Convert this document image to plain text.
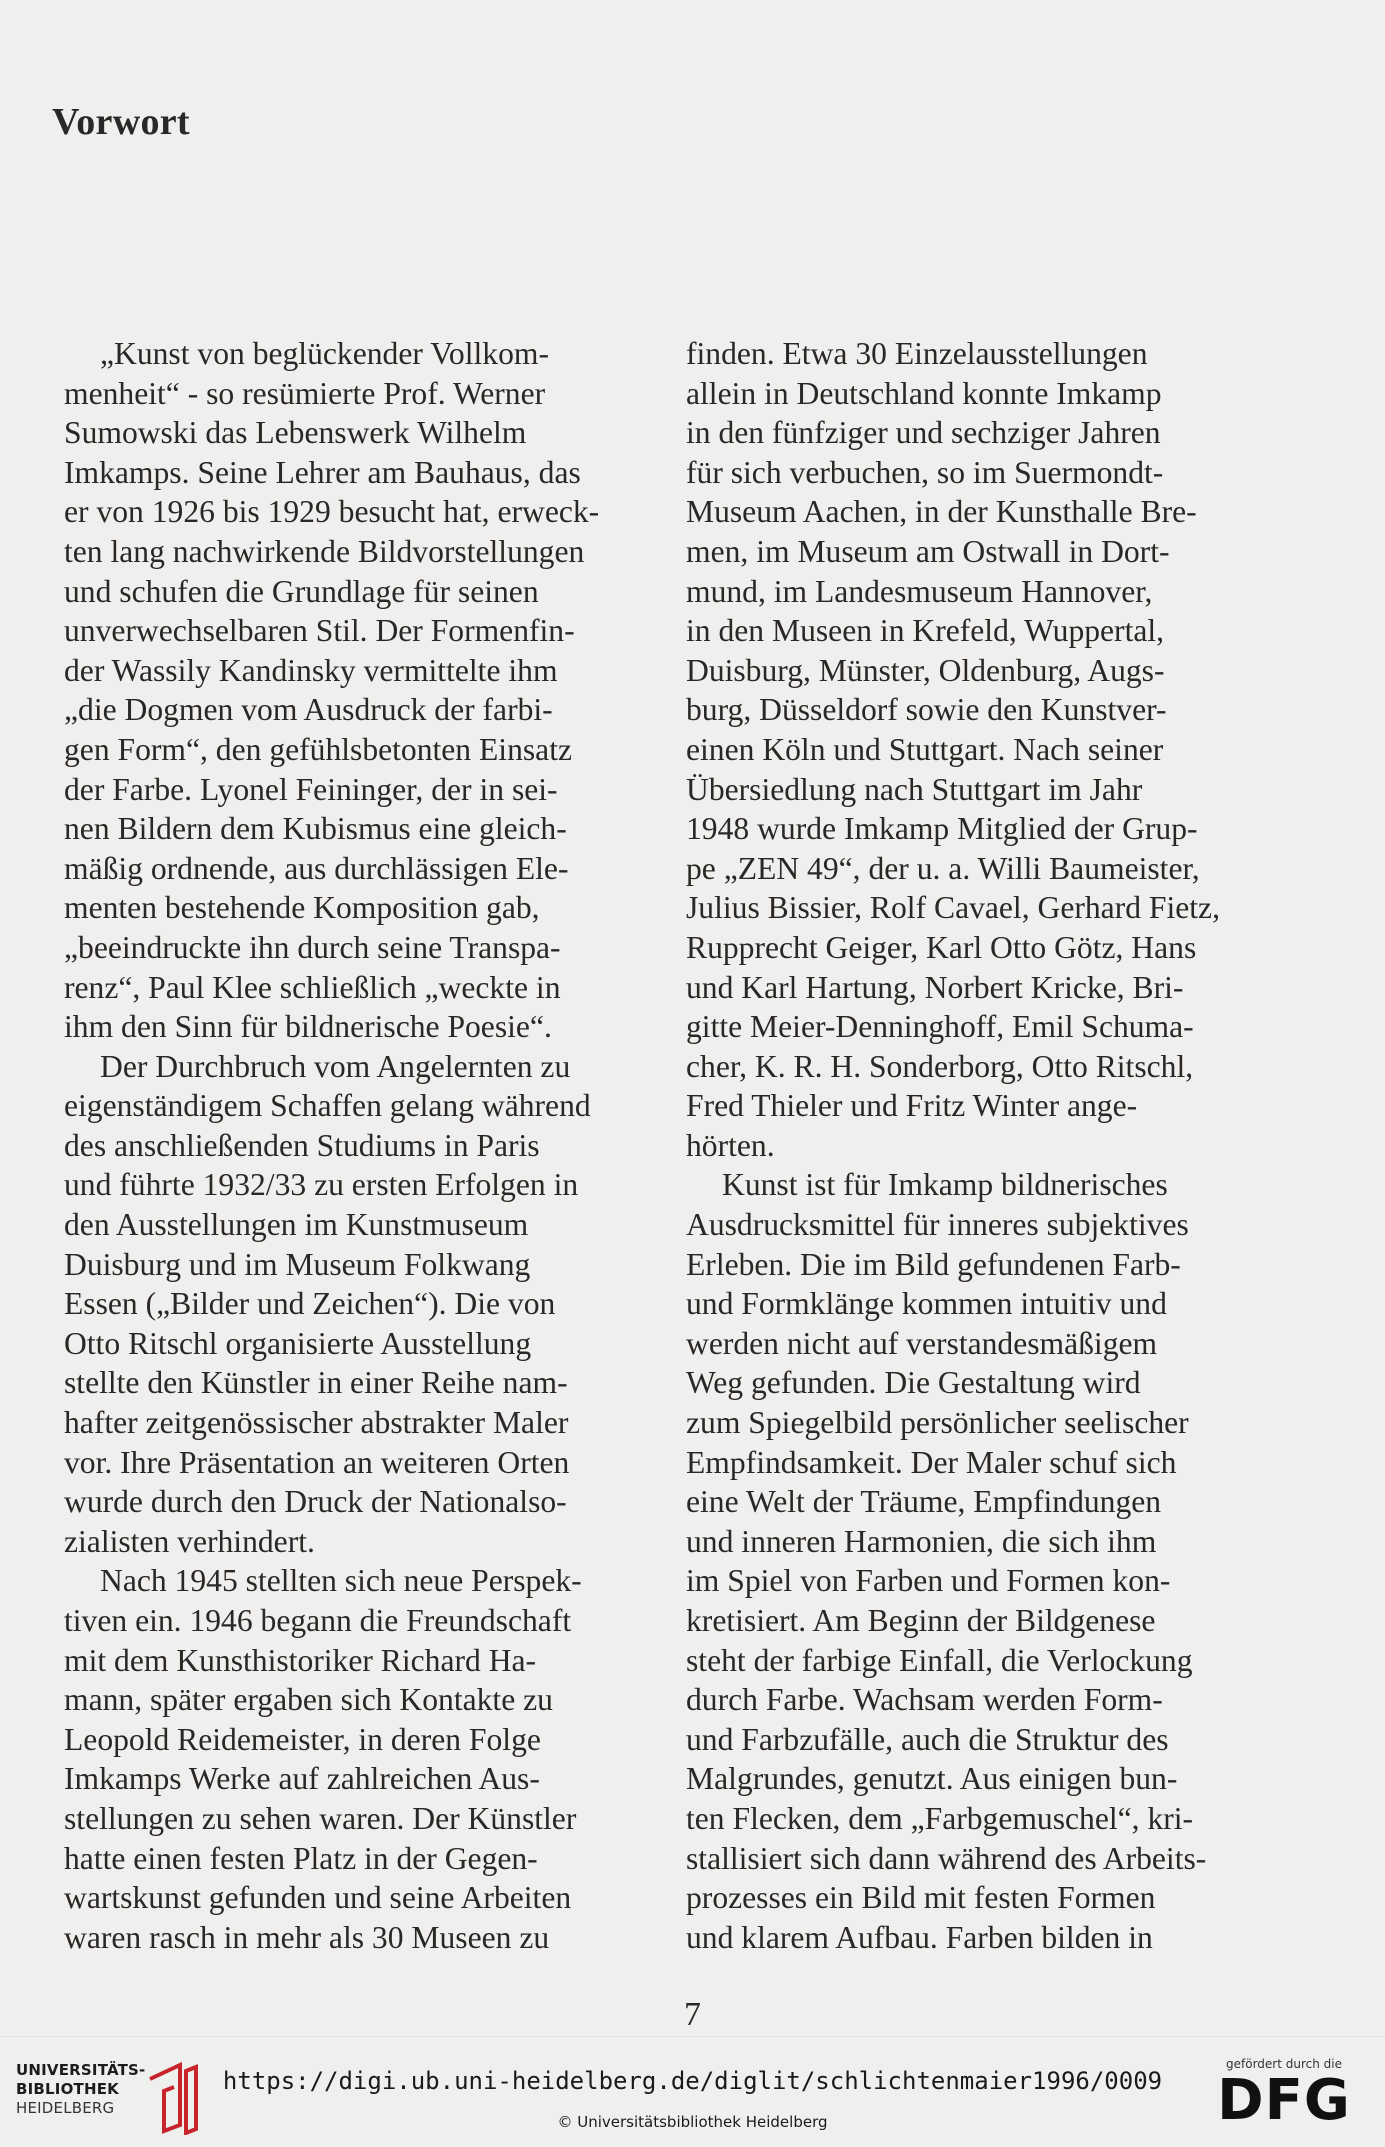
Vorwort
„Kunst von beglückender Vollkom-
menheit“ - so resümierte Prof. Werner
Sumowski das Lebenswerk Wilhelm
Imkamps. Seine Lehrer am Bauhaus, das
er von 1926 bis 1929 besucht hat, erweck-
ten lang nachwirkende Bildvorstellungen
und schufen die Grundlage für seinen
unverwechselbaren Stil. Der Formenfin-
der Wassily Kandinsky vermittelte ihm
„die Dogmen vom Ausdruck der farbi-
gen Form“, den gefühlsbetonten Einsatz
der Farbe. Lyonel Feininger, der in sei-
nen Bildern dem Kubismus eine gleich-
mäßig ordnende, aus durchlässigen Ele-
menten bestehende Komposition gab,
„beeindruckte ihn durch seine Transpa-
renz“, Paul Klee schließlich „weckte in
ihm den Sinn für bildnerische Poesie“.
Der Durchbruch vom Angelernten zu
eigenständigem Schaffen gelang während
des anschließenden Studiums in Paris
und führte 1932/33 zu ersten Erfolgen in
den Ausstellungen im Kunstmuseum
Duisburg und im Museum Folkwang
Essen („Bilder und Zeichen“). Die von
Otto Ritschl organisierte Ausstellung
stellte den Künstler in einer Reihe nam-
hafter zeitgenössischer abstrakter Maler
vor. Ihre Präsentation an weiteren Orten
wurde durch den Druck der Nationalso-
zialisten verhindert.
Nach 1945 stellten sich neue Perspek-
tiven ein. 1946 begann die Freundschaft
mit dem Kunsthistoriker Richard Ha-
mann, später ergaben sich Kontakte zu
Leopold Reidemeister, in deren Folge
Imkamps Werke auf zahlreichen Aus-
stellungen zu sehen waren. Der Künstler
hatte einen festen Platz in der Gegen-
wartskunst gefunden und seine Arbeiten
waren rasch in mehr als 30 Museen zu
finden. Etwa 30 Einzelausstellungen
allein in Deutschland konnte Imkamp
in den fünfziger und sechziger Jahren
für sich verbuchen, so im Suermondt-
Museum Aachen, in der Kunsthalle Bre-
men, im Museum am Ostwall in Dort-
mund, im Landesmuseum Hannover,
in den Museen in Krefeld, Wuppertal,
Duisburg, Münster, Oldenburg, Augs-
burg, Düsseldorf sowie den Kunstver-
einen Köln und Stuttgart. Nach seiner
Übersiedlung nach Stuttgart im Jahr
1948 wurde Imkamp Mitglied der Grup-
pe „ZEN 49“, der u. a. Willi Baumeister,
Julius Bissier, Rolf Cavael, Gerhard Fietz,
Rupprecht Geiger, Karl Otto Götz, Hans
und Karl Hartung, Norbert Kricke, Bri-
gitte Meier-Denninghoff, Emil Schuma-
cher, K. R. H. Sonderborg, Otto Ritschl,
Fred Thieler und Fritz Winter ange-
hörten.
Kunst ist für Imkamp bildnerisches
Ausdrucksmittel für inneres subjektives
Erleben. Die im Bild gefundenen Farb-
und Formklänge kommen intuitiv und
werden nicht auf verstandesmäßigem
Weg gefunden. Die Gestaltung wird
zum Spiegelbild persönlicher seelischer
Empfindsamkeit. Der Maler schuf sich
eine Welt der Träume, Empfindungen
und inneren Harmonien, die sich ihm
im Spiel von Farben und Formen kon-
kretisiert. Am Beginn der Bildgenese
steht der farbige Einfall, die Verlockung
durch Farbe. Wachsam werden Form-
und Farbzufälle, auch die Struktur des
Malgrundes, genutzt. Aus einigen bun-
ten Flecken, dem „Farbgemuschel“, kri-
stallisiert sich dann während des Arbeits-
prozesses ein Bild mit festen Formen
und klarem Aufbau. Farben bilden in
7
UNIVERSITÄTS-
BIBLIOTHEK
HEIDELBERG
https://digi.ub.uni-heidelberg.de/diglit/schlichtenmaier1996/0009
© Universitätsbibliothek Heidelberg
gefördert durch die
DFG
